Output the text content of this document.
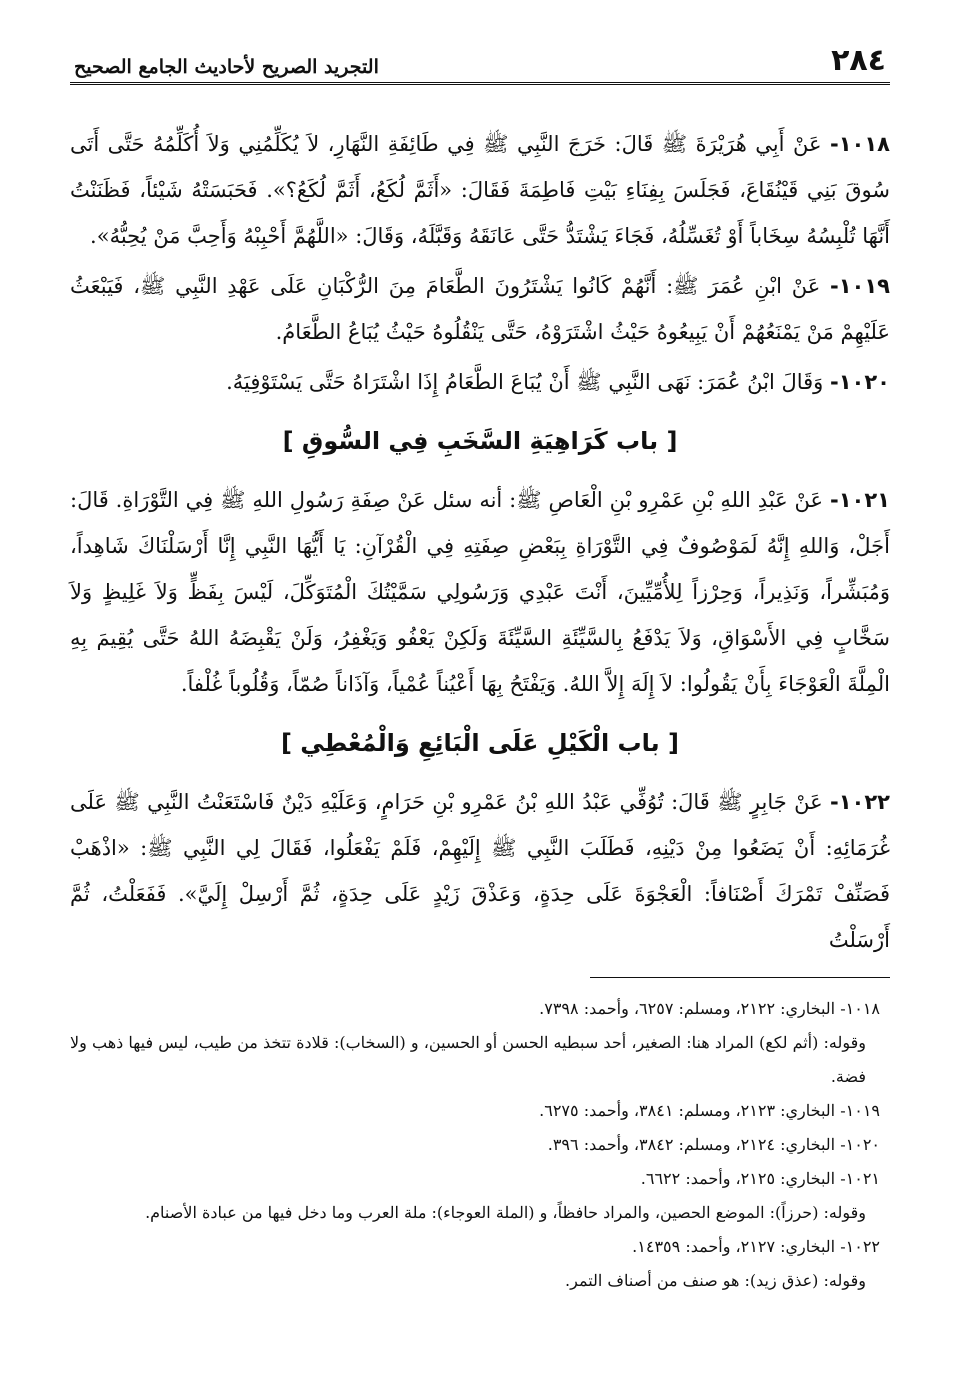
٢٨٤
التجريد الصريح لأحاديث الجامع الصحيح

١٠١٨- عَنْ أَبِي هُرَيْرَةَ ﷺ قَالَ: خَرَجَ النَّبِي ﷺ فِي طَائِفَةِ النَّهَارِ، لاَ يُكَلِّمُنِي وَلاَ أُكَلِّمُهُ حَتَّى أَتَى سُوقَ بَنِي قَيْنُقَاعَ، فَجَلَسَ بِفِنَاءِ بَيْتِ فَاطِمَةَ فَقَالَ: «أَثَمَّ لُكَعُ، أَثَمَّ لُكَعُ؟». فَحَبَسَتْهُ شَيْئاً، فَظَنَنْتُ أَنَّهَا تُلْبِسُهُ سِخَاباً أَوْ تُغَسِّلُهُ، فَجَاءَ يَشْتَدُّ حَتَّى عَانَقَهُ وَقَبَّلَهُ، وَقَالَ: «اللَّهُمَّ أَحْبِبْهُ وَأَحِبَّ مَنْ يُحِبُّهُ».

١٠١٩- عَنْ ابْنِ عُمَرَ ﷺ: أَنَّهُمْ كَانُوا يَشْتَرُونَ الطَّعَامَ مِنَ الرُّكْبَانِ عَلَى عَهْدِ النَّبِي ﷺ، فَيَبْعَثُ عَلَيْهِمْ مَنْ يَمْنَعُهُمْ أَنْ يَبِيعُوهُ حَيْثُ اشْتَرَوْهُ، حَتَّى يَنْقُلُوهُ حَيْثُ يُبَاعُ الطَّعَامُ.

١٠٢٠- وَقَالَ ابْنُ عُمَرَ: نَهَى النَّبِي ﷺ أَنْ يُبَاعَ الطَّعَامُ إِذَا اشْتَرَاهُ حَتَّى يَسْتَوْفِيَهُ.

[ باب كَرَاهِيَةِ السَّخَبِ فِي السُّوقِ ]

١٠٢١- عَنْ عَبْدِ اللهِ بْنِ عَمْرِو بْنِ الْعَاصِ ﷺ: أنه سئل عَنْ صِفَةِ رَسُولِ اللهِ ﷺ فِي التَّوْرَاةِ. قَالَ: أَجَلْ، وَاللهِ إِنَّهُ لَمَوْصُوفٌ فِي التَّوْرَاةِ بِبَعْضِ صِفَتِهِ فِي الْقُرْآنِ: يَا أَيُّهَا النَّبِي إِنَّا أَرْسَلْنَاكَ شَاهِداً، وَمُبَشِّراً، وَنَذِيراً، وَحِرْزاً لِلأُمِّيِّينَ، أَنْتَ عَبْدِي وَرَسُولِي سَمَّيْتُكَ الْمُتَوَكِّلَ، لَيْسَ بِفَظٍّ وَلاَ غَلِيظٍ وَلاَ سَخَّابٍ فِي الأَسْوَاقِ، وَلاَ يَدْفَعُ بِالسَّيِّئَةِ السَّيِّئَةَ وَلَكِنْ يَعْفُو وَيَغْفِرُ، وَلَنْ يَقْبِضَهُ اللهُ حَتَّى يُقِيمَ بِهِ الْمِلَّةَ الْعَوْجَاءَ بِأَنْ يَقُولُوا: لاَ إِلَهَ إِلاَّ اللهُ. وَيَفْتَحُ بِهَا أَعْيُناً عُمْياً، وَآذَاناً صُمّاً، وَقُلُوباً غُلْفاً.

[ باب الْكَيْلِ عَلَى الْبَائِعِ وَالْمُعْطِي ]

١٠٢٢- عَنْ جَابِرٍ ﷺ قَالَ: تُوُفِّي عَبْدُ اللهِ بْنُ عَمْرِو بْنِ حَرَامٍ، وَعَلَيْهِ دَيْنٌ فَاسْتَعَنْتُ النَّبِي ﷺ عَلَى غُرَمَائِهِ: أَنْ يَضَعُوا مِنْ دَيْنِهِ، فَطَلَبَ النَّبِي ﷺ إِلَيْهِمْ، فَلَمْ يَفْعَلُوا، فَقَالَ لِي النَّبِي ﷺ: «اذْهَبْ فَصَنِّفْ تَمْرَكَ أَصْنَافاً: الْعَجْوَةَ عَلَى حِدَةٍ، وَعَذْقَ زَيْدٍ عَلَى حِدَةٍ، ثُمَّ أَرْسِلْ إِلَيَّ». فَفَعَلْتُ، ثُمَّ أَرْسَلْتُ

١٠١٨- البخاري: ٢١٢٢، ومسلم: ٦٢٥٧، وأحمد: ٧٣٩٨.

وقوله: (أثم لكع) المراد هنا: الصغير، أحد سبطيه الحسن أو الحسين، و (السخاب): قلادة تتخذ من طيب، ليس فيها ذهب ولا فضة.

١٠١٩- البخاري: ٢١٢٣، ومسلم: ٣٨٤١، وأحمد: ٦٢٧٥.

١٠٢٠- البخاري: ٢١٢٤، ومسلم: ٣٨٤٢، وأحمد: ٣٩٦.

١٠٢١- البخاري: ٢١٢٥، وأحمد: ٦٦٢٢.

وقوله: (حرزاً): الموضع الحصين، والمراد حافظاً، و (الملة العوجاء): ملة العرب وما دخل فيها من عبادة الأصنام.

١٠٢٢- البخاري: ٢١٢٧، وأحمد: ١٤٣٥٩.

وقوله: (عذق زيد): هو صنف من أصناف التمر.
